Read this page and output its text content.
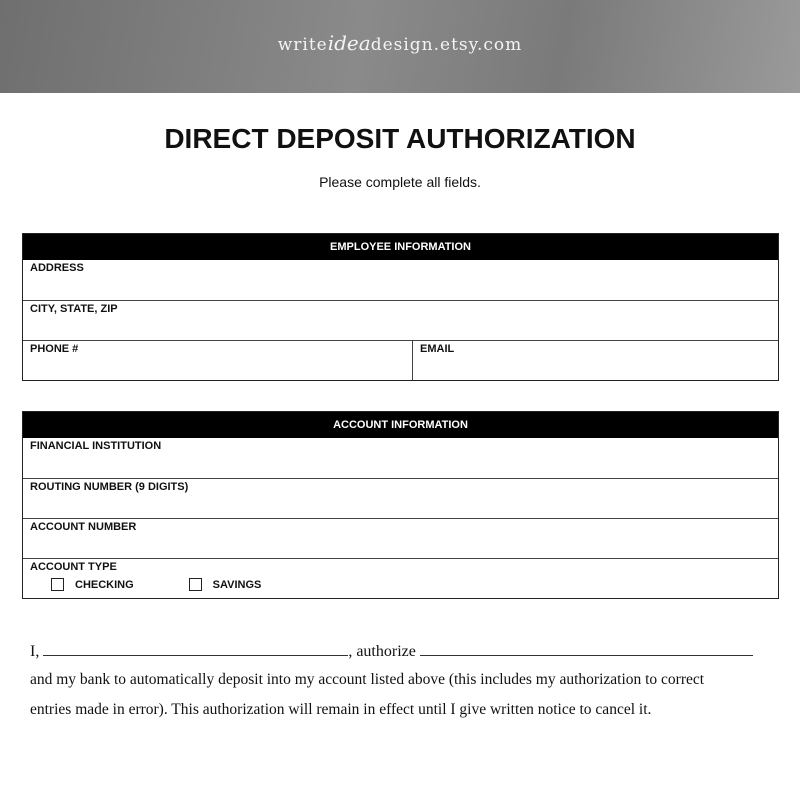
writeideadesign.etsy.com
DIRECT DEPOSIT AUTHORIZATION
Please complete all fields.
EMPLOYEE INFORMATION
ADDRESS
CITY, STATE, ZIP
PHONE #	EMAIL
ACCOUNT INFORMATION
FINANCIAL INSTITUTION
ROUTING NUMBER (9 DIGITS)
ACCOUNT NUMBER
ACCOUNT TYPE
CHECKING	SAVINGS
I,	, authorize
and my bank to automatically deposit into my account listed above (this includes my authorization to correct
entries made in error). This authorization will remain in effect until I give written notice to cancel it.
